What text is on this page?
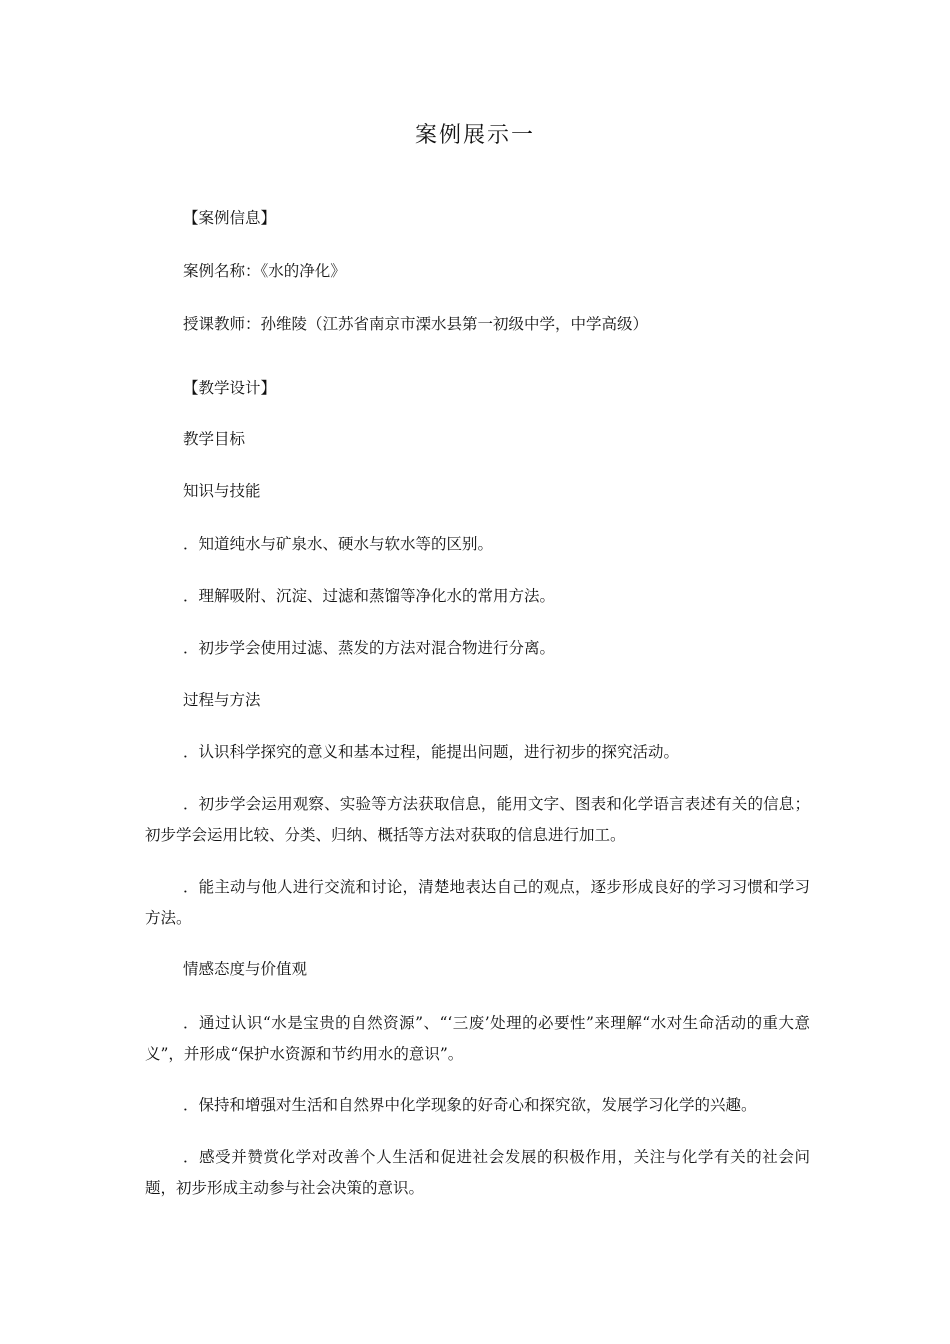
案例展示一
【案例信息】
案例名称：《水的净化》
授课教师：孙维陵（江苏省南京市溧水县第一初级中学，中学高级）
【教学设计】
教学目标
知识与技能
．知道纯水与矿泉水、硬水与软水等的区别。
．理解吸附、沉淀、过滤和蒸馏等净化水的常用方法。
．初步学会使用过滤、蒸发的方法对混合物进行分离。
过程与方法
．认识科学探究的意义和基本过程，能提出问题，进行初步的探究活动。
．初步学会运用观察、实验等方法获取信息，能用文字、图表和化学语言表述有关的信息；初步学会运用比较、分类、归纳、概括等方法对获取的信息进行加工。
．能主动与他人进行交流和讨论，清楚地表达自己的观点，逐步形成良好的学习习惯和学习方法。
情感态度与价值观
．通过认识“水是宝贵的自然资源”、“‘三废’处理的必要性”来理解“水对生命活动的重大意义”，并形成“保护水资源和节约用水的意识”。
．保持和增强对生活和自然界中化学现象的好奇心和探究欲，发展学习化学的兴趣。
．感受并赞赏化学对改善个人生活和促进社会发展的积极作用，关注与化学有关的社会问题，初步形成主动参与社会决策的意识。
